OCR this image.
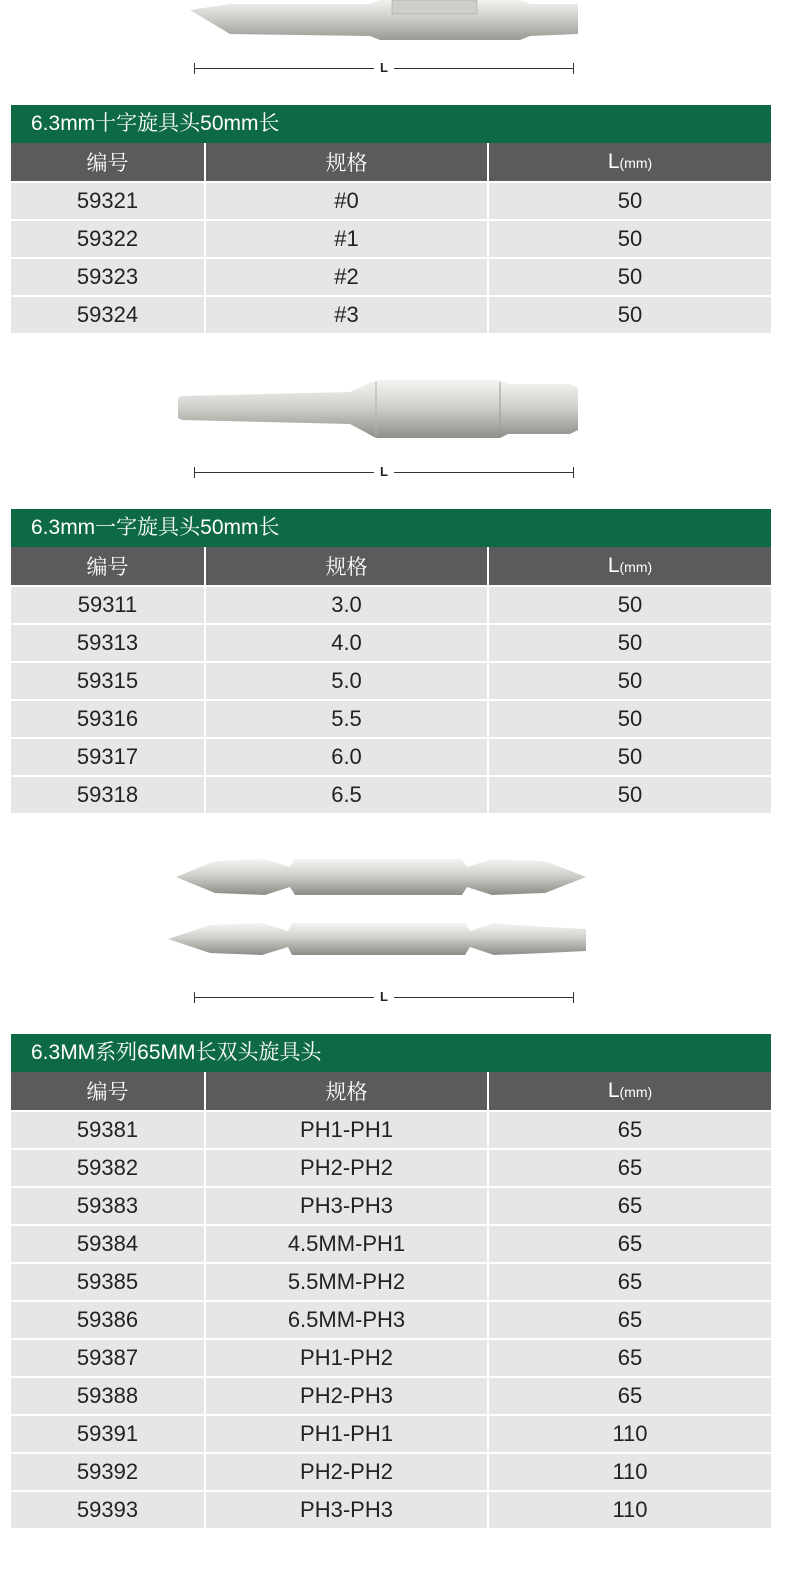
L
6.3mm十字旋具头50mm长
编号	规格	L(mm)
59321	#0	50
59322	#1	50
59323	#2	50
59324	#3	50
L
6.3mm一字旋具头50mm长
编号	规格	L(mm)
59311	3.0	50
59313	4.0	50
59315	5.0	50
59316	5.5	50
59317	6.0	50
59318	6.5	50
L
6.3MM系列65MM长双头旋具头
编号	规格	L(mm)
59381	PH1-PH1	65
59382	PH2-PH2	65
59383	PH3-PH3	65
59384	4.5MM-PH1	65
59385	5.5MM-PH2	65
59386	6.5MM-PH3	65
59387	PH1-PH2	65
59388	PH2-PH3	65
59391	PH1-PH1	110
59392	PH2-PH2	110
59393	PH3-PH3	110
